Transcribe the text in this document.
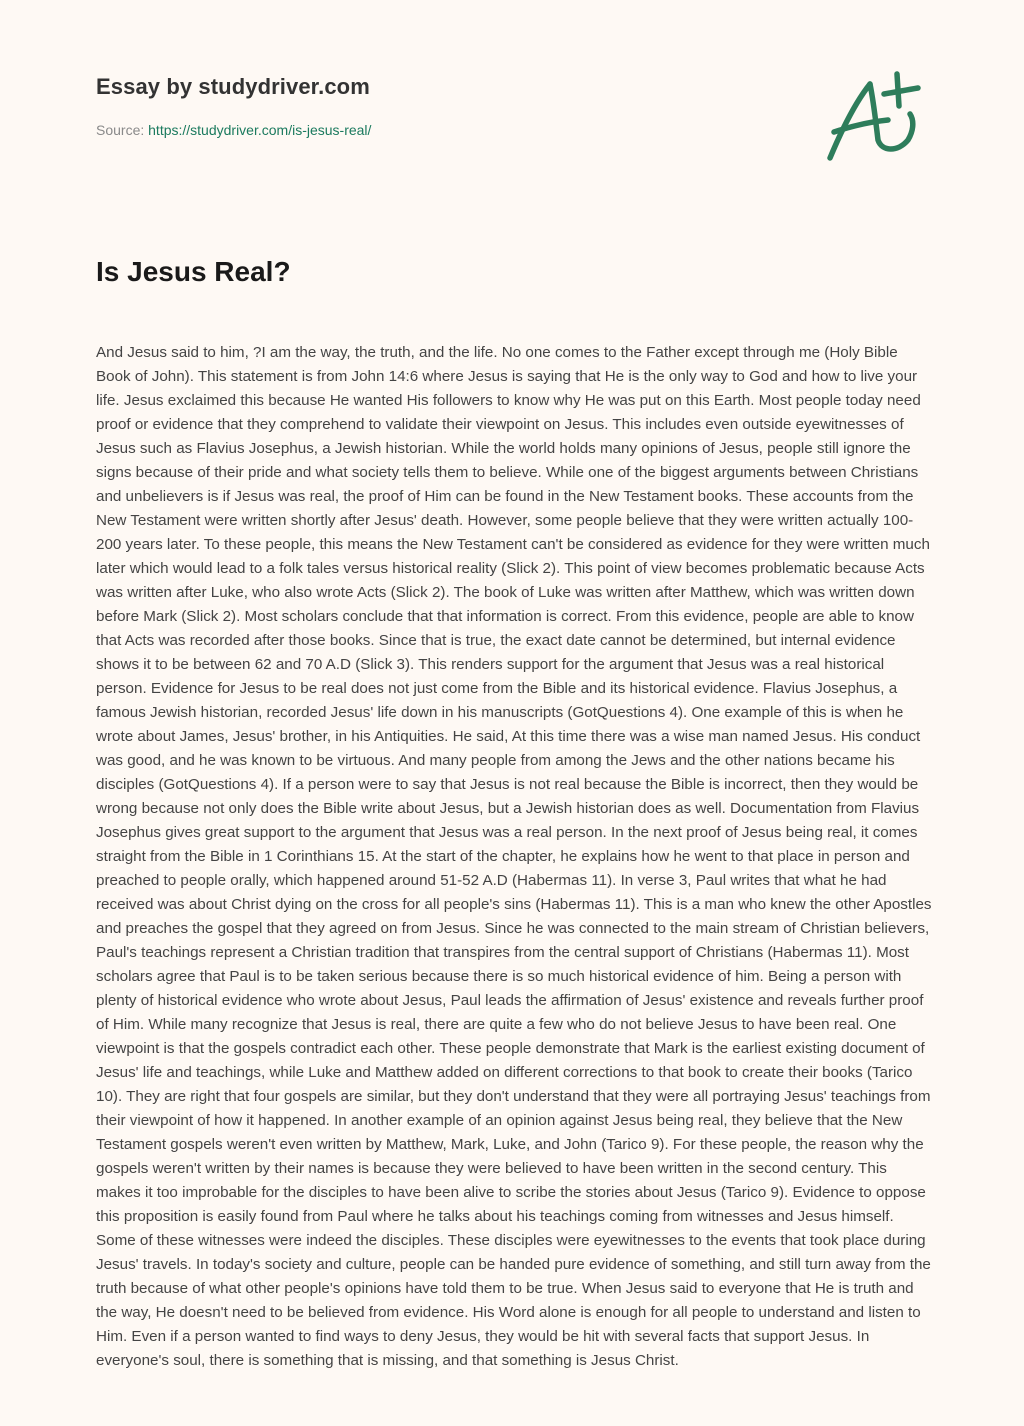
Essay by studydriver.com
Source: https://studydriver.com/is-jesus-real/
Is Jesus Real?

And Jesus said to him, ?I am the way, the truth, and the life. No one comes to the Father except through me (Holy Bible Book of John). This statement is from John 14:6 where Jesus is saying that He is the only way to God and how to live your life. Jesus exclaimed this because He wanted His followers to know why He was put on this Earth. Most people today need proof or evidence that they comprehend to validate their viewpoint on Jesus. This includes even outside eyewitnesses of Jesus such as Flavius Josephus, a Jewish historian. While the world holds many opinions of Jesus, people still ignore the signs because of their pride and what society tells them to believe. While one of the biggest arguments between Christians and unbelievers is if Jesus was real, the proof of Him can be found in the New Testament books. These accounts from the New Testament were written shortly after Jesus' death. However, some people believe that they were written actually 100- 200 years later. To these people, this means the New Testament can't be considered as evidence for they were written much later which would lead to a folk tales versus historical reality (Slick 2). This point of view becomes problematic because Acts was written after Luke, who also wrote Acts (Slick 2). The book of Luke was written after Matthew, which was written down before Mark (Slick 2). Most scholars conclude that that information is correct. From this evidence, people are able to know that Acts was recorded after those books. Since that is true, the exact date cannot be determined, but internal evidence shows it to be between 62 and 70 A.D (Slick 3). This renders support for the argument that Jesus was a real historical person. Evidence for Jesus to be real does not just come from the Bible and its historical evidence. Flavius Josephus, a famous Jewish historian, recorded Jesus' life down in his manuscripts (GotQuestions 4). One example of this is when he wrote about James, Jesus' brother, in his Antiquities. He said, At this time there was a wise man named Jesus. His conduct was good, and he was known to be virtuous. And many people from among the Jews and the other nations became his disciples (GotQuestions 4). If a person were to say that Jesus is not real because the Bible is incorrect, then they would be wrong because not only does the Bible write about Jesus, but a Jewish historian does as well. Documentation from Flavius Josephus gives great support to the argument that Jesus was a real person. In the next proof of Jesus being real, it comes straight from the Bible in 1 Corinthians 15. At the start of the chapter, he explains how he went to that place in person and preached to people orally, which happened around 51-52 A.D (Habermas 11). In verse 3, Paul writes that what he had received was about Christ dying on the cross for all people's sins (Habermas 11). This is a man who knew the other Apostles and preaches the gospel that they agreed on from Jesus. Since he was connected to the main stream of Christian believers, Paul's teachings represent a Christian tradition that transpires from the central support of Christians (Habermas 11). Most scholars agree that Paul is to be taken serious because there is so much historical evidence of him. Being a person with plenty of historical evidence who wrote about Jesus, Paul leads the affirmation of Jesus' existence and reveals further proof of Him. While many recognize that Jesus is real, there are quite a few who do not believe Jesus to have been real. One viewpoint is that the gospels contradict each other. These people demonstrate that Mark is the earliest existing document of Jesus' life and teachings, while Luke and Matthew added on different corrections to that book to create their books (Tarico 10). They are right that four gospels are similar, but they don't understand that they were all portraying Jesus' teachings from their viewpoint of how it happened. In another example of an opinion against Jesus being real, they believe that the New Testament gospels weren't even written by Matthew, Mark, Luke, and John (Tarico 9). For these people, the reason why the gospels weren't written by their names is because they were believed to have been written in the second century. This makes it too improbable for the disciples to have been alive to scribe the stories about Jesus (Tarico 9). Evidence to oppose this proposition is easily found from Paul where he talks about his teachings coming from witnesses and Jesus himself. Some of these witnesses were indeed the disciples. These disciples were eyewitnesses to the events that took place during Jesus' travels. In today's society and culture, people can be handed pure evidence of something, and still turn away from the truth because of what other people's opinions have told them to be true. When Jesus said to everyone that He is truth and the way, He doesn't need to be believed from evidence. His Word alone is enough for all people to understand and listen to Him. Even if a person wanted to find ways to deny Jesus, they would be hit with several facts that support Jesus. In everyone's soul, there is something that is missing, and that something is Jesus Christ.
